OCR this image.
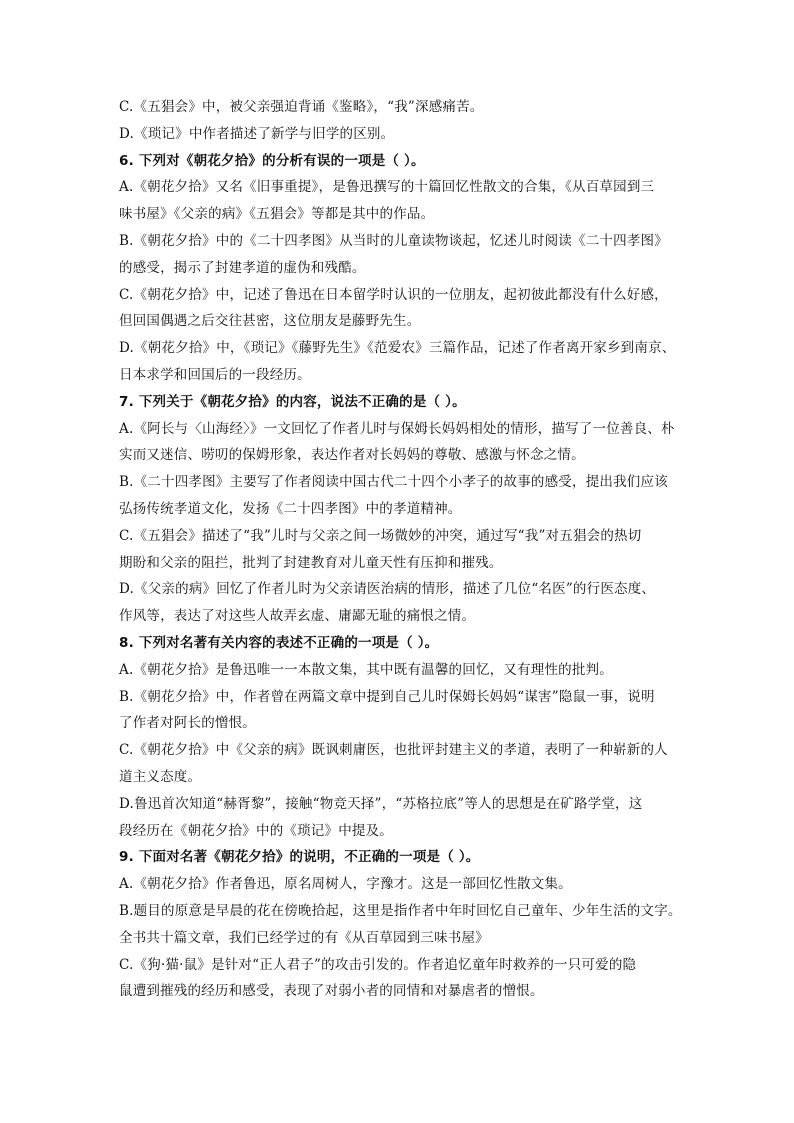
C.《五猖会》中，被父亲强迫背诵《鉴略》，“我”深感痛苦。
D.《琐记》中作者描述了新学与旧学的区别。
6. 下列对《朝花夕拾》的分析有误的一项是（ ）。
A.《朝花夕拾》又名《旧事重提》，是鲁迅撰写的十篇回忆性散文的合集，《从百草园到三
味书屋》《父亲的病》《五猖会》等都是其中的作品。
B.《朝花夕拾》中的《二十四孝图》从当时的儿童读物谈起，忆述儿时阅读《二十四孝图》
的感受，揭示了封建孝道的虚伪和残酷。
C.《朝花夕拾》中，记述了鲁迅在日本留学时认识的一位朋友，起初彼此都没有什么好感，
但回国偶遇之后交往甚密，这位朋友是藤野先生。
D.《朝花夕拾》中，《琐记》《藤野先生》《范爱农》三篇作品，记述了作者离开家乡到南京、
日本求学和回国后的一段经历。
7. 下列关于《朝花夕拾》的内容，说法不正确的是（ ）。
A.《阿长与〈山海经〉》一文回忆了作者儿时与保姆长妈妈相处的情形，描写了一位善良、朴
实而又迷信、唠叨的保姆形象，表达作者对长妈妈的尊敬、感激与怀念之情。
B.《二十四孝图》主要写了作者阅读中国古代二十四个小孝子的故事的感受，提出我们应该
弘扬传统孝道文化，发扬《二十四孝图》中的孝道精神。
C.《五猖会》描述了“我”儿时与父亲之间一场微妙的冲突，通过写“我”对五猖会的热切
期盼和父亲的阻拦，批判了封建教育对儿童天性有压抑和摧残。
D.《父亲的病》回忆了作者儿时为父亲请医治病的情形，描述了几位“名医”的行医态度、
作风等，表达了对这些人故弄玄虚、庸鄙无耻的痛恨之情。
8. 下列对名著有关内容的表述不正确的一项是（ ）。
A.《朝花夕拾》是鲁迅唯一一本散文集，其中既有温馨的回忆，又有理性的批判。
B.《朝花夕拾》中，作者曾在两篇文章中提到自己儿时保姆长妈妈“谋害”隐鼠一事，说明
了作者对阿长的憎恨。
C.《朝花夕拾》中《父亲的病》既讽刺庸医，也批评封建主义的孝道，表明了一种崭新的人
道主义态度。
D.鲁迅首次知道“赫胥黎”，接触“物竞天择”，“苏格拉底”等人的思想是在矿路学堂，这
段经历在《朝花夕拾》中的《琐记》中提及。
9. 下面对名著《朝花夕拾》的说明，不正确的一项是（ ）。
A.《朝花夕拾》作者鲁迅，原名周树人，字豫才。这是一部回忆性散文集。
B.题目的原意是早晨的花在傍晚拾起，这里是指作者中年时回忆自己童年、少年生活的文字。
全书共十篇文章，我们已经学过的有《从百草园到三味书屋》
C.《狗·猫·鼠》是针对“正人君子”的攻击引发的。作者追忆童年时救养的一只可爱的隐
鼠遭到摧残的经历和感受，表现了对弱小者的同情和对暴虐者的憎恨。
